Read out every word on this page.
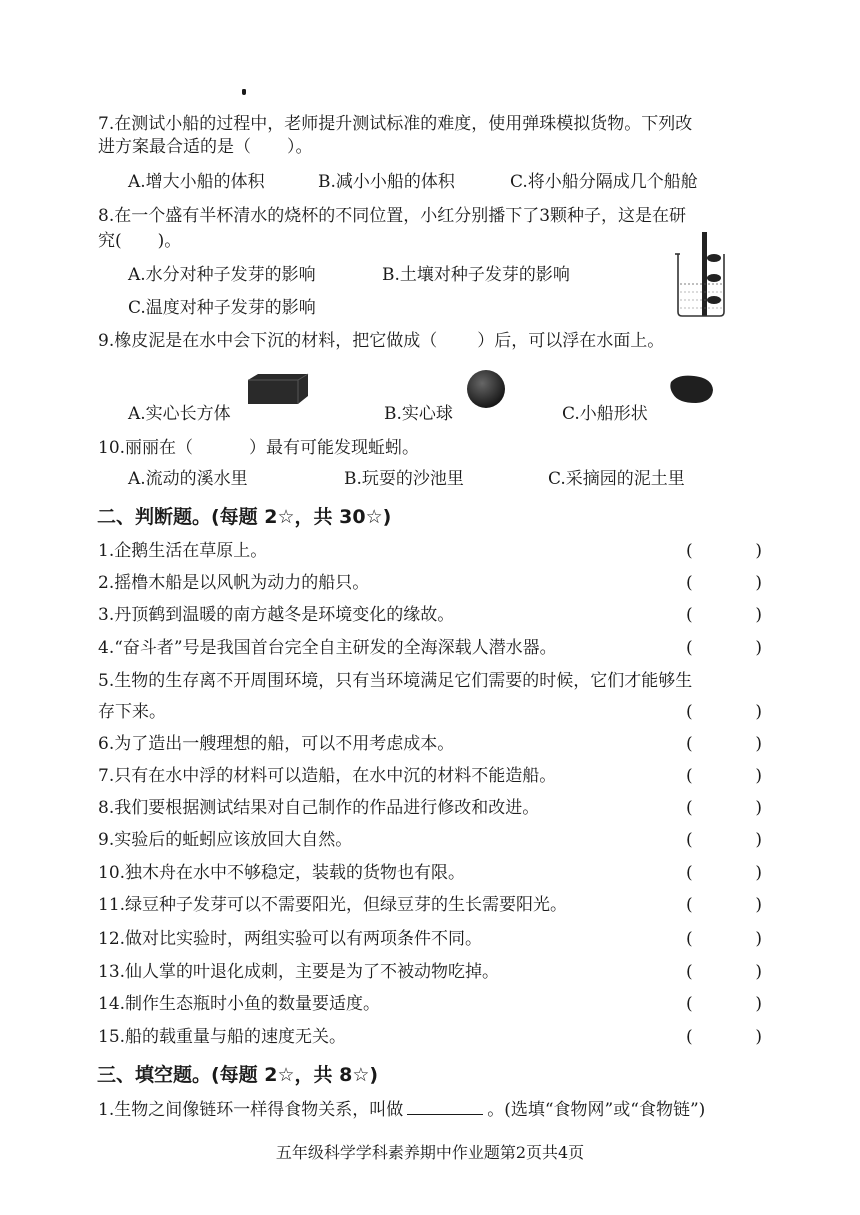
7.在测试小船的过程中，老师提升测试标准的难度，使用弹珠模拟货物。下列改
进方案最合适的是（ ）。
A.增大小船的体积	B.减小小船的体积	C.将小船分隔成几个船舱
8.在一个盛有半杯清水的烧杯的不同位置，小红分别播下了3颗种子，这是在研
究( )。
A.水分对种子发芽的影响	B.土壤对种子发芽的影响
C.温度对种子发芽的影响
9.橡皮泥是在水中会下沉的材料，把它做成（ ）后，可以浮在水面上。
A.实心长方体	B.实心球	C.小船形状
10.丽丽在（	）最有可能发现蚯蚓。
A.流动的溪水里	B.玩耍的沙池里	C.采摘园的泥土里
二、判断题。(每题 2☆，共 30☆)
1.企鹅生活在草原上。	(	)
2.摇橹木船是以风帆为动力的船只。	(	)
3.丹顶鹤到温暖的南方越冬是环境变化的缘故。	(	)
4.“奋斗者”号是我国首台完全自主研发的全海深载人潜水器。	(	)
5.生物的生存离不开周围环境，只有当环境满足它们需要的时候，它们才能够生
存下来。	(	)
6.为了造出一艘理想的船，可以不用考虑成本。	(	)
7.只有在水中浮的材料可以造船，在水中沉的材料不能造船。	(	)
8.我们要根据测试结果对自己制作的作品进行修改和改进。	(	)
9.实验后的蚯蚓应该放回大自然。	(	)
10.独木舟在水中不够稳定，装载的货物也有限。	(	)
11.绿豆种子发芽可以不需要阳光，但绿豆芽的生长需要阳光。	(	)
12.做对比实验时，两组实验可以有两项条件不同。	(	)
13.仙人掌的叶退化成刺，主要是为了不被动物吃掉。	(	)
14.制作生态瓶时小鱼的数量要适度。	(	)
15.船的载重量与船的速度无关。	(	)
三、填空题。(每题 2☆，共 8☆)
1.生物之间像链环一样得食物关系，叫做	。(选填“食物网”或“食物链”)
五年级科学学科素养期中作业题第2页共4页
